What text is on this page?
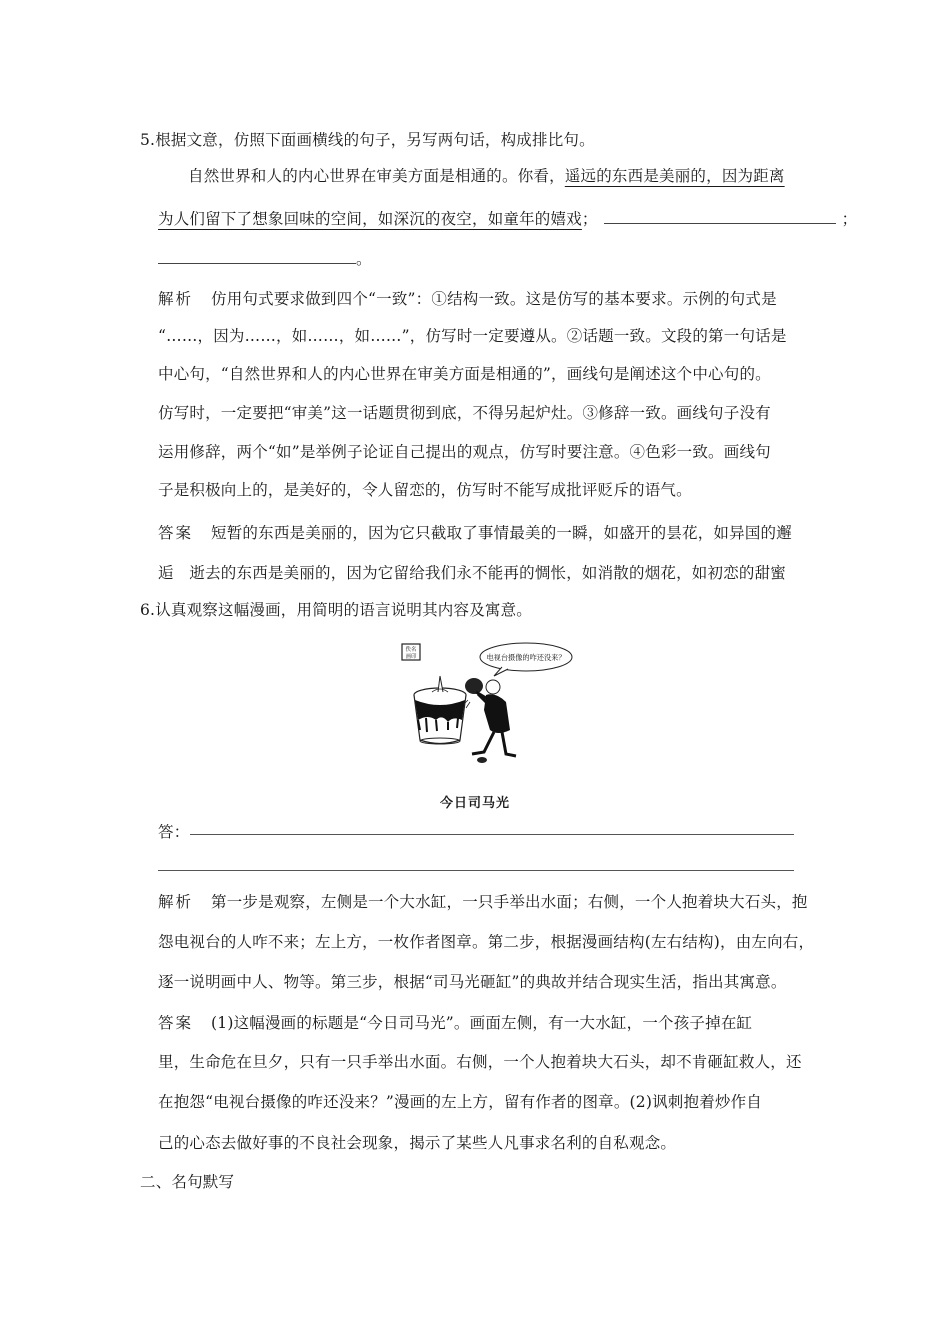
5.根据文意，仿照下面画横线的句子，另写两句话，构成排比句。
自然世界和人的内心世界在审美方面是相通的。你看，遥远的东西是美丽的，因为距离
为人们留下了想象回味的空间，如深沉的夜空，如童年的嬉戏；	；
。
解析 仿用句式要求做到四个“一致”：①结构一致。这是仿写的基本要求。示例的句式是
“……，因为……，如……，如……”，仿写时一定要遵从。②话题一致。文段的第一句话是
中心句，“自然世界和人的内心世界在审美方面是相通的”，画线句是阐述这个中心句的。
仿写时，一定要把“审美”这一话题贯彻到底，不得另起炉灶。③修辞一致。画线句子没有
运用修辞，两个“如”是举例子论证自己提出的观点，仿写时要注意。④色彩一致。画线句
子是积极向上的，是美好的，令人留恋的，仿写时不能写成批评贬斥的语气。
答案 短暂的东西是美丽的，因为它只截取了事情最美的一瞬，如盛开的昙花，如异国的邂
逅　逝去的东西是美丽的，因为它留给我们永不能再的惆怅，如消散的烟花，如初恋的甜蜜
6.认真观察这幅漫画，用简明的语言说明其内容及寓意。
佚名
画印	电视台摄像的咋还没来？
今日司马光
答：
解析 第一步是观察，左侧是一个大水缸，一只手举出水面；右侧，一个人抱着块大石头，抱
怨电视台的人咋不来；左上方，一枚作者图章。第二步，根据漫画结构(左右结构)，由左向右，
逐一说明画中人、物等。第三步，根据“司马光砸缸”的典故并结合现实生活，指出其寓意。
答案 (1)这幅漫画的标题是“今日司马光”。画面左侧，有一大水缸，一个孩子掉在缸
里，生命危在旦夕，只有一只手举出水面。右侧，一个人抱着块大石头，却不肯砸缸救人，还
在抱怨“电视台摄像的咋还没来？”漫画的左上方，留有作者的图章。(2)讽刺抱着炒作自
己的心态去做好事的不良社会现象，揭示了某些人凡事求名利的自私观念。
二、名句默写
